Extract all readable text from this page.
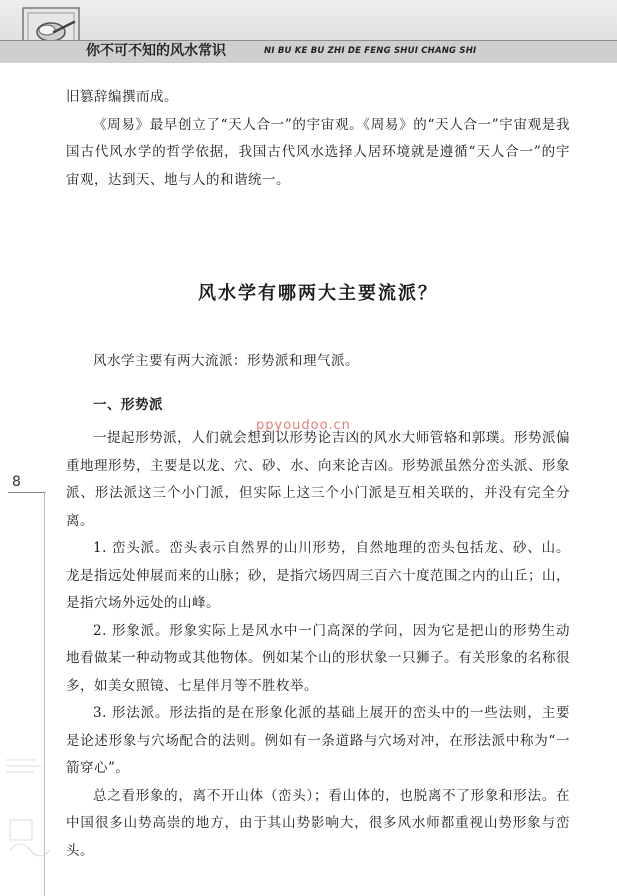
你不可不知的风水常识	NI BU KE BU ZHI DE FENG SHUI CHANG SHI
8
ppyoudoo.cn

旧篡辞编撰而成。

《周易》最早创立了“天人合一”的宇宙观。《周易》的“天人合一”宇宙观是我国古代风水学的哲学依据，我国古代风水选择人居环境就是遵循“天人合一”的宇宙观，达到天、地与人的和谐统一。

风水学有哪两大主要流派？

风水学主要有两大流派：形势派和理气派。

一、形势派

一提起形势派，人们就会想到以形势论吉凶的风水大师管辂和郭璞。形势派偏重地理形势，主要是以龙、穴、砂、水、向来论吉凶。形势派虽然分峦头派、形象派、形法派这三个小门派，但实际上这三个小门派是互相关联的，并没有完全分离。

1. 峦头派。峦头表示自然界的山川形势，自然地理的峦头包括龙、砂、山。龙是指远处伸展而来的山脉；砂，是指穴场四周三百六十度范围之内的山丘；山，是指穴场外远处的山峰。

2. 形象派。形象实际上是风水中一门高深的学问，因为它是把山的形势生动地看做某一种动物或其他物体。例如某个山的形状象一只狮子。有关形象的名称很多，如美女照镜、七星伴月等不胜枚举。

3. 形法派。形法指的是在形象化派的基础上展开的峦头中的一些法则，主要是论述形象与穴场配合的法则。例如有一条道路与穴场对冲，在形法派中称为“一箭穿心”。

总之看形象的，离不开山体（峦头）；看山体的，也脱离不了形象和形法。在中国很多山势高崇的地方，由于其山势影响大，很多风水师都重视山势形象与峦头。
